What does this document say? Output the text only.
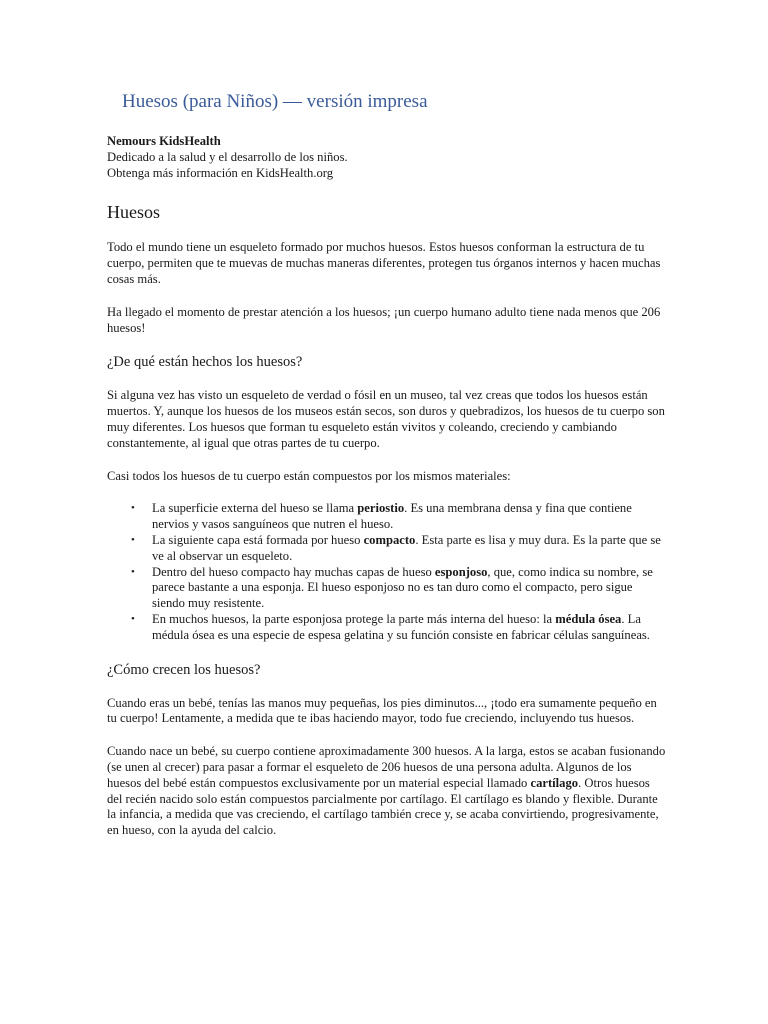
Huesos (para Niños) — versión impresa

Nemours KidsHealth

Dedicado a la salud y el desarrollo de los niños.

Obtenga más información en KidsHealth.org

Huesos

Todo el mundo tiene un esqueleto formado por muchos huesos. Estos huesos conforman la estructura de tu cuerpo, permiten que te muevas de muchas maneras diferentes, protegen tus órganos internos y hacen muchas cosas más.

Ha llegado el momento de prestar atención a los huesos; ¡un cuerpo humano adulto tiene nada menos que 206 huesos!

¿De qué están hechos los huesos?

Si alguna vez has visto un esqueleto de verdad o fósil en un museo, tal vez creas que todos los huesos están muertos. Y, aunque los huesos de los museos están secos, son duros y quebradizos, los huesos de tu cuerpo son muy diferentes. Los huesos que forman tu esqueleto están vivitos y coleando, creciendo y cambiando constantemente, al igual que otras partes de tu cuerpo.

Casi todos los huesos de tu cuerpo están compuestos por los mismos materiales:

• La superficie externa del hueso se llama periostio. Es una membrana densa y fina que contiene nervios y vasos sanguíneos que nutren el hueso.
• La siguiente capa está formada por hueso compacto. Esta parte es lisa y muy dura. Es la parte que se ve al observar un esqueleto.
• Dentro del hueso compacto hay muchas capas de hueso esponjoso, que, como indica su nombre, se parece bastante a una esponja. El hueso esponjoso no es tan duro como el compacto, pero sigue siendo muy resistente.
• En muchos huesos, la parte esponjosa protege la parte más interna del hueso: la médula ósea. La médula ósea es una especie de espesa gelatina y su función consiste en fabricar células sanguíneas.
¿Cómo crecen los huesos?

Cuando eras un bebé, tenías las manos muy pequeñas, los pies diminutos..., ¡todo era sumamente pequeño en tu cuerpo! Lentamente, a medida que te ibas haciendo mayor, todo fue creciendo, incluyendo tus huesos.

Cuando nace un bebé, su cuerpo contiene aproximadamente 300 huesos. A la larga, estos se acaban fusionando (se unen al crecer) para pasar a formar el esqueleto de 206 huesos de una persona adulta. Algunos de los huesos del bebé están compuestos exclusivamente por un material especial llamado cartílago. Otros huesos del recién nacido solo están compuestos parcialmente por cartílago. El cartílago es blando y flexible. Durante la infancia, a medida que vas creciendo, el cartílago también crece y, se acaba convirtiendo, progresivamente, en hueso, con la ayuda del calcio.
